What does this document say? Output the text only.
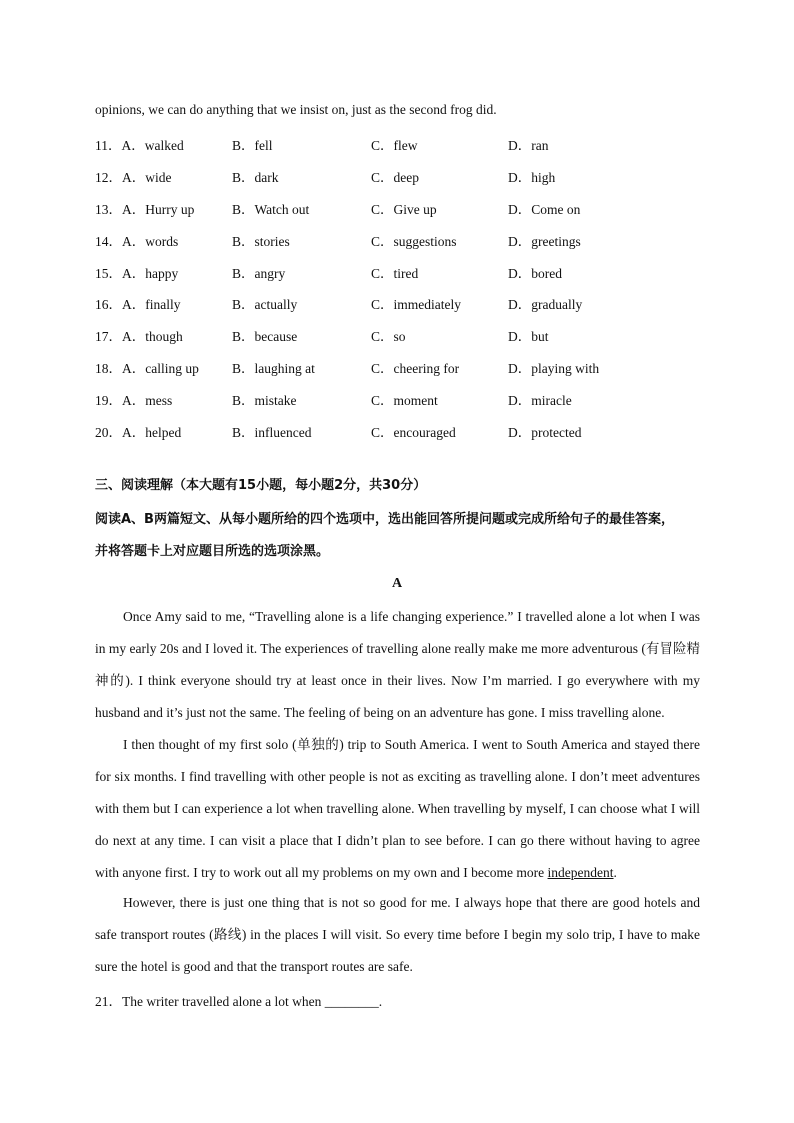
opinions, we can do anything that we insist on, just as the second frog did.
11．A．walked	B．fell	C．flew	D．ran
12．A．wide	B．dark	C．deep	D．high
13．A．Hurry up	B．Watch out	C．Give up	D．Come on
14．A．words	B．stories	C．suggestions	D．greetings
15．A．happy	B．angry	C．tired	D．bored
16．A．finally	B．actually	C．immediately	D．gradually
17．A．though	B．because	C．so	D．but
18．A．calling up B．laughing at	C．cheering for	D．playing with
19．A．mess	B．mistake	C．moment	D．miracle
20．A．helped	B．influenced	C．encouraged	D．protected
三、阅读理解（本大题有15小题，每小题2分，共30分）
阅读A、B两篇短文、从每小题所给的四个选项中，选出能回答所提问题或完成所给句子的最佳答案，
并将答题卡上对应题目所选的选项涂黑。
A

Once Amy said to me, “Travelling alone is a life changing experience.” I travelled alone a lot when I was in my early 20s and I loved it. The experiences of travelling alone really make me more adventurous (有冒险精神的). I think everyone should try at least once in their lives. Now I’m married. I go everywhere with my husband and it’s just not the same. The feeling of being on an adventure has gone. I miss travelling alone.

I then thought of my first solo (单独的) trip to South America. I went to South America and stayed there for six months. I find travelling with other people is not as exciting as travelling alone. I don’t meet adventures with them but I can experience a lot when travelling alone. When travelling by myself, I can choose what I will do next at any time. I can visit a place that I didn’t plan to see before. I can go there without having to agree with anyone first. I try to work out all my problems on my own and I become more independent.

However, there is just one thing that is not so good for me. I always hope that there are good hotels and safe transport routes (路线) in the places I will visit. So every time before I begin my solo trip, I have to make sure the hotel is good and that the transport routes are safe.

21．The writer travelled alone a lot when ________.
